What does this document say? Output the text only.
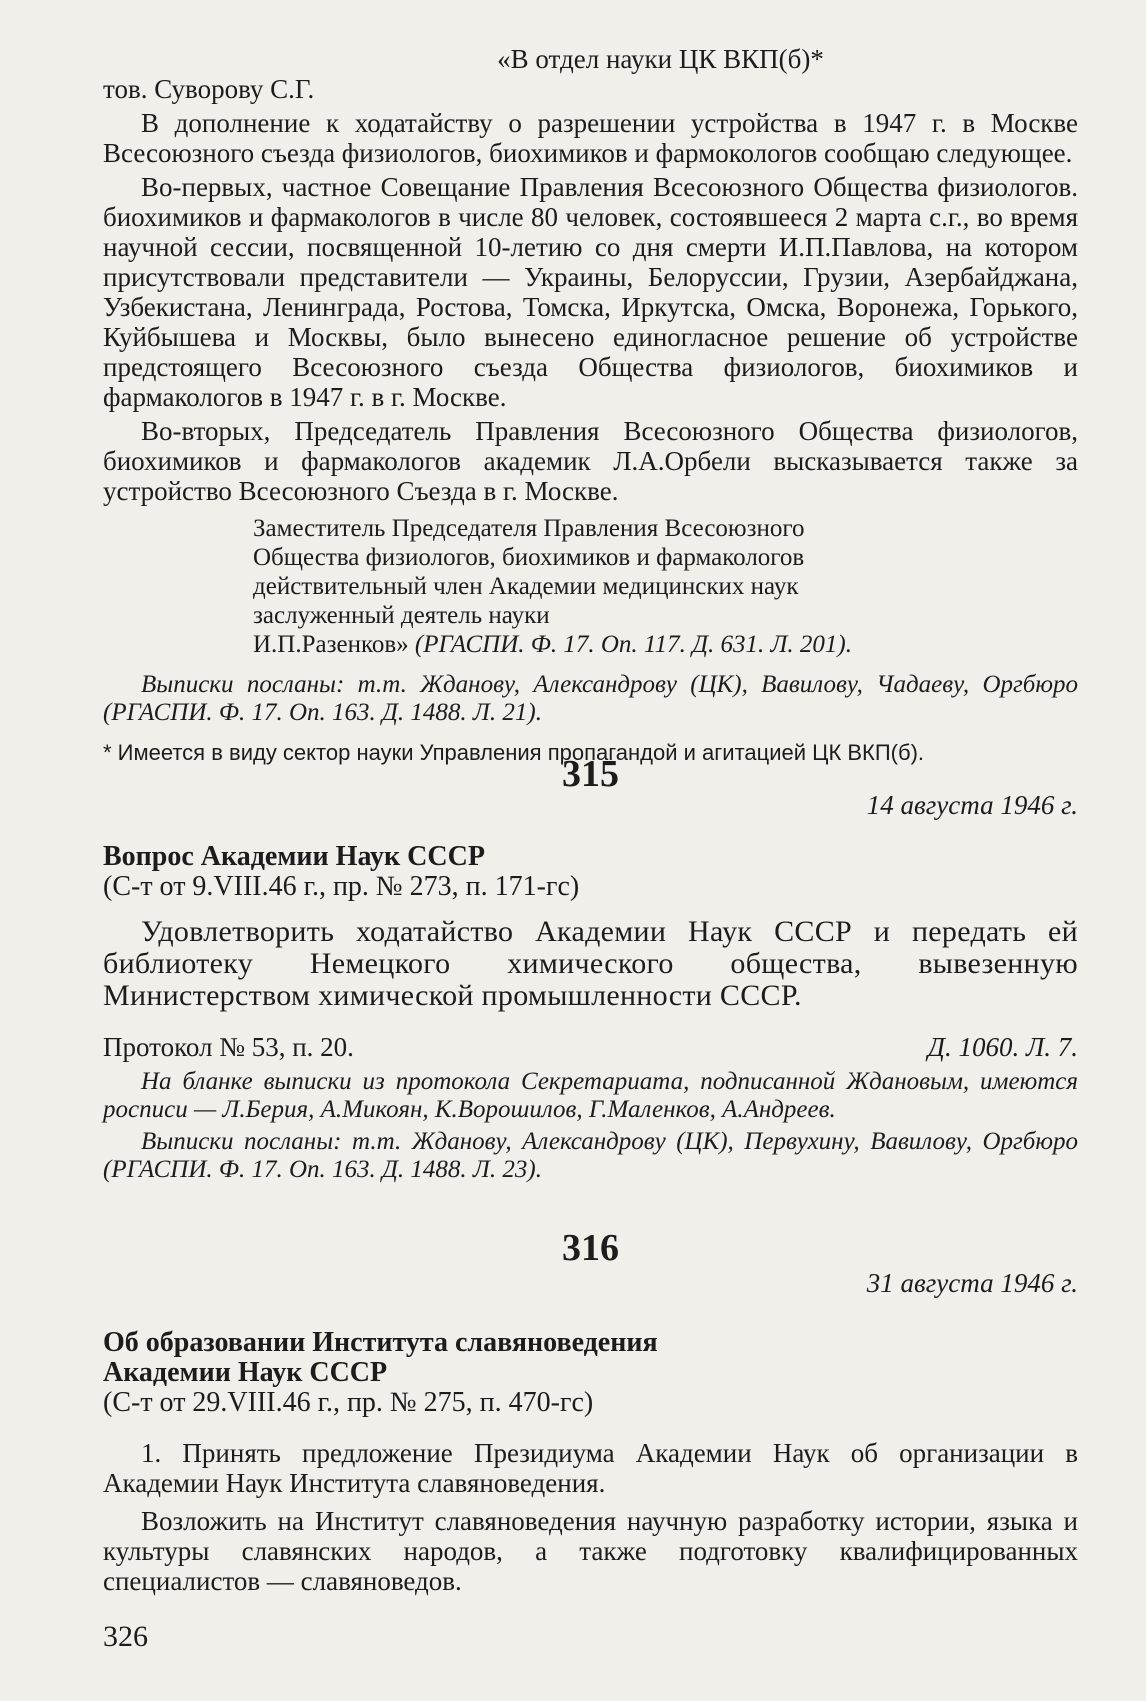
«В отдел науки ЦК ВКП(б)*

тов. Суворову С.Г.

В дополнение к ходатайству о разрешении устройства в 1947 г. в Москве Всесоюзного съезда физиологов, биохимиков и фармокологов сообщаю следующее.

Во-первых, частное Совещание Правления Всесоюзного Общества физиологов. биохимиков и фармакологов в числе 80 человек, состоявшееся 2 марта с.г., во время научной сессии, посвященной 10-летию со дня смерти И.П.Павлова, на котором присутствовали представители — Украины, Белоруссии, Грузии, Азербайджана, Узбекистана, Ленинграда, Ростова, Томска, Иркутска, Омска, Воронежа, Горького, Куйбышева и Москвы, было вынесено единогласное решение об устройстве предстоящего Всесоюзного съезда Общества физиологов, биохимиков и фармакологов в 1947 г. в г. Москве.

Во-вторых, Председатель Правления Всесоюзного Общества физиологов, биохимиков и фармакологов академик Л.А.Орбели высказывается также за устройство Всесоюзного Съезда в г. Москве.

Заместитель Председателя Правления Всесоюзного

Общества физиологов, биохимиков и фармакологов

действительный член Академии медицинских наук

заслуженный деятель науки

И.П.Разенков» (РГАСПИ. Ф. 17. Оп. 117. Д. 631. Л. 201).

Выписки посланы: т.т. Жданову, Александрову (ЦК), Вавилову, Чадаеву, Оргбюро (РГАСПИ. Ф. 17. Оп. 163. Д. 1488. Л. 21).

* Имеется в виду сектор науки Управления пропагандой и агитацией ЦК ВКП(б).

315

14 августа 1946 г.

Вопрос Академии Наук СССР

(С-т от 9.VIII.46 г., пр. № 273, п. 171-гс)

Удовлетворить ходатайство Академии Наук СССР и передать ей библиотеку Немецкого химического общества, вывезенную Министерством химической промышленности СССР.

Протокол № 53, п. 20.	Д. 1060. Л. 7.

На бланке выписки из протокола Секретариата, подписанной Ждановым, имеются росписи — Л.Берия, А.Микоян, К.Ворошилов, Г.Маленков, А.Андреев.

Выписки посланы: т.т. Жданову, Александрову (ЦК), Первухину, Вавилову, Оргбюро (РГАСПИ. Ф. 17. Оп. 163. Д. 1488. Л. 23).

316

31 августа 1946 г.

Об образовании Института славяноведения

Академии Наук СССР

(С-т от 29.VIII.46 г., пр. № 275, п. 470-гс)

1. Принять предложение Президиума Академии Наук об организации в Академии Наук Института славяноведения.

Возложить на Институт славяноведения научную разработку истории, языка и культуры славянских народов, а также подготовку квалифицированных специалистов — славяноведов.

326
